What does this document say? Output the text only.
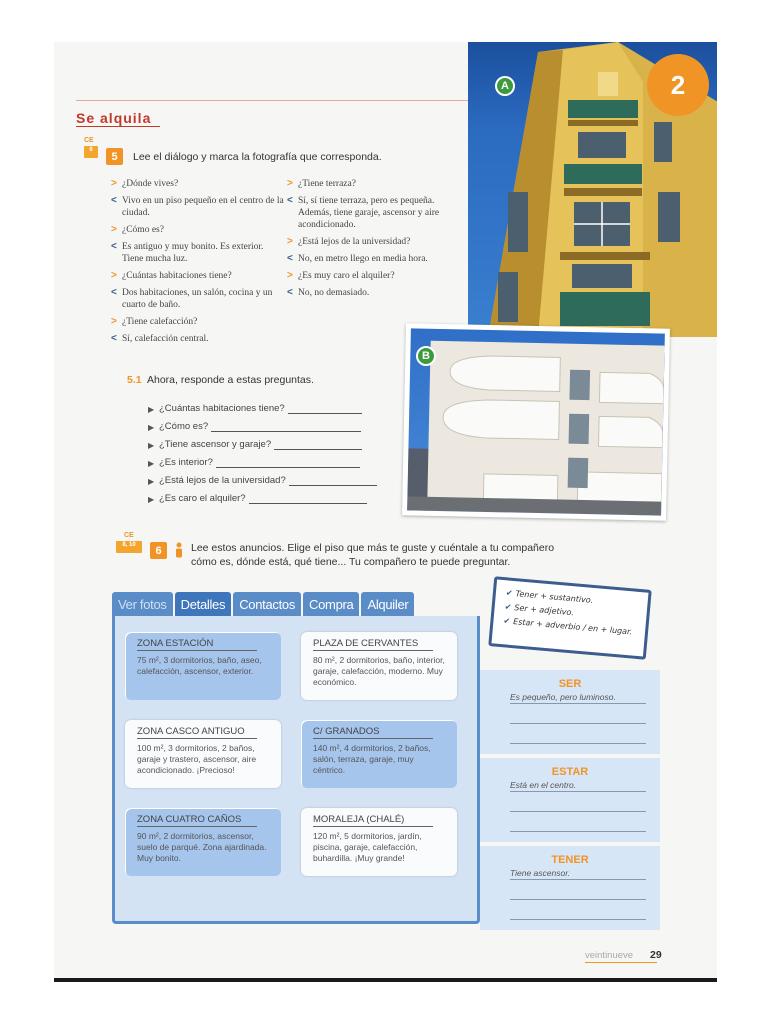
2
Se alquila
CE
6
5	Lee el diálogo y marca la fotografía que corresponda.
> ¿Dónde vives?
< Vivo en un piso pequeño en el centro de la ciudad.
> ¿Cómo es?
< Es antiguo y muy bonito. Es exterior. Tiene mucha luz.
> ¿Cuántas habitaciones tiene?
< Dos habitaciones, un salón, cocina y un cuarto de baño.
> ¿Tiene calefacción?
< Sí, calefacción central.
> ¿Tiene terraza?
< Sí, sí tiene terraza, pero es pequeña. Además, tiene garaje, ascensor y aire acondicionado.
> ¿Está lejos de la universidad?
< No, en metro llego en media hora.
> ¿Es muy caro el alquiler?
< No, no demasiado.
5.1 Ahora, responde a estas preguntas.
▶ ¿Cuántas habitaciones tiene?
▶ ¿Cómo es?
▶ ¿Tiene ascensor y garaje?
▶ ¿Es interior?
▶ ¿Está lejos de la universidad?
▶ ¿Es caro el alquiler?
A
B
CE
8, 10	6	Lee estos anuncios. Elige el piso que más te guste y cuéntale a tu compañero
cómo es, dónde está, qué tiene... Tu compañero te puede preguntar.
Ver fotos	Detalles	Contactos	Compra	Alquiler
ZONA ESTACIÓN
75 m², 3 dormitorios, baño, aseo, calefacción, ascensor, exterior.
PLAZA DE CERVANTES
80 m², 2 dormitorios, baño, interior, garaje, calefacción, moderno. Muy económico.
ZONA CASCO ANTIGUO
100 m², 3 dormitorios, 2 baños, garaje y trastero, ascensor, aire acondicionado. ¡Precioso!
C/ GRANADOS
140 m², 4 dormitorios, 2 baños, salón, terraza, garaje, muy céntrico.
ZONA CUATRO CAÑOS
90 m², 2 dormitorios, ascensor, suelo de parqué. Zona ajardinada. Muy bonito.
MORALEJA (CHALÉ)
120 m², 5 dormitorios, jardín, piscina, garaje, calefacción, buhardilla. ¡Muy grande!
✔ Tener + sustantivo.
✔ Ser + adjetivo.
✔ Estar + adverbio / en + lugar.
SER
Es pequeño, pero luminoso.
ESTAR
Está en el centro.
TENER
Tiene ascensor.
veintinueve 29
